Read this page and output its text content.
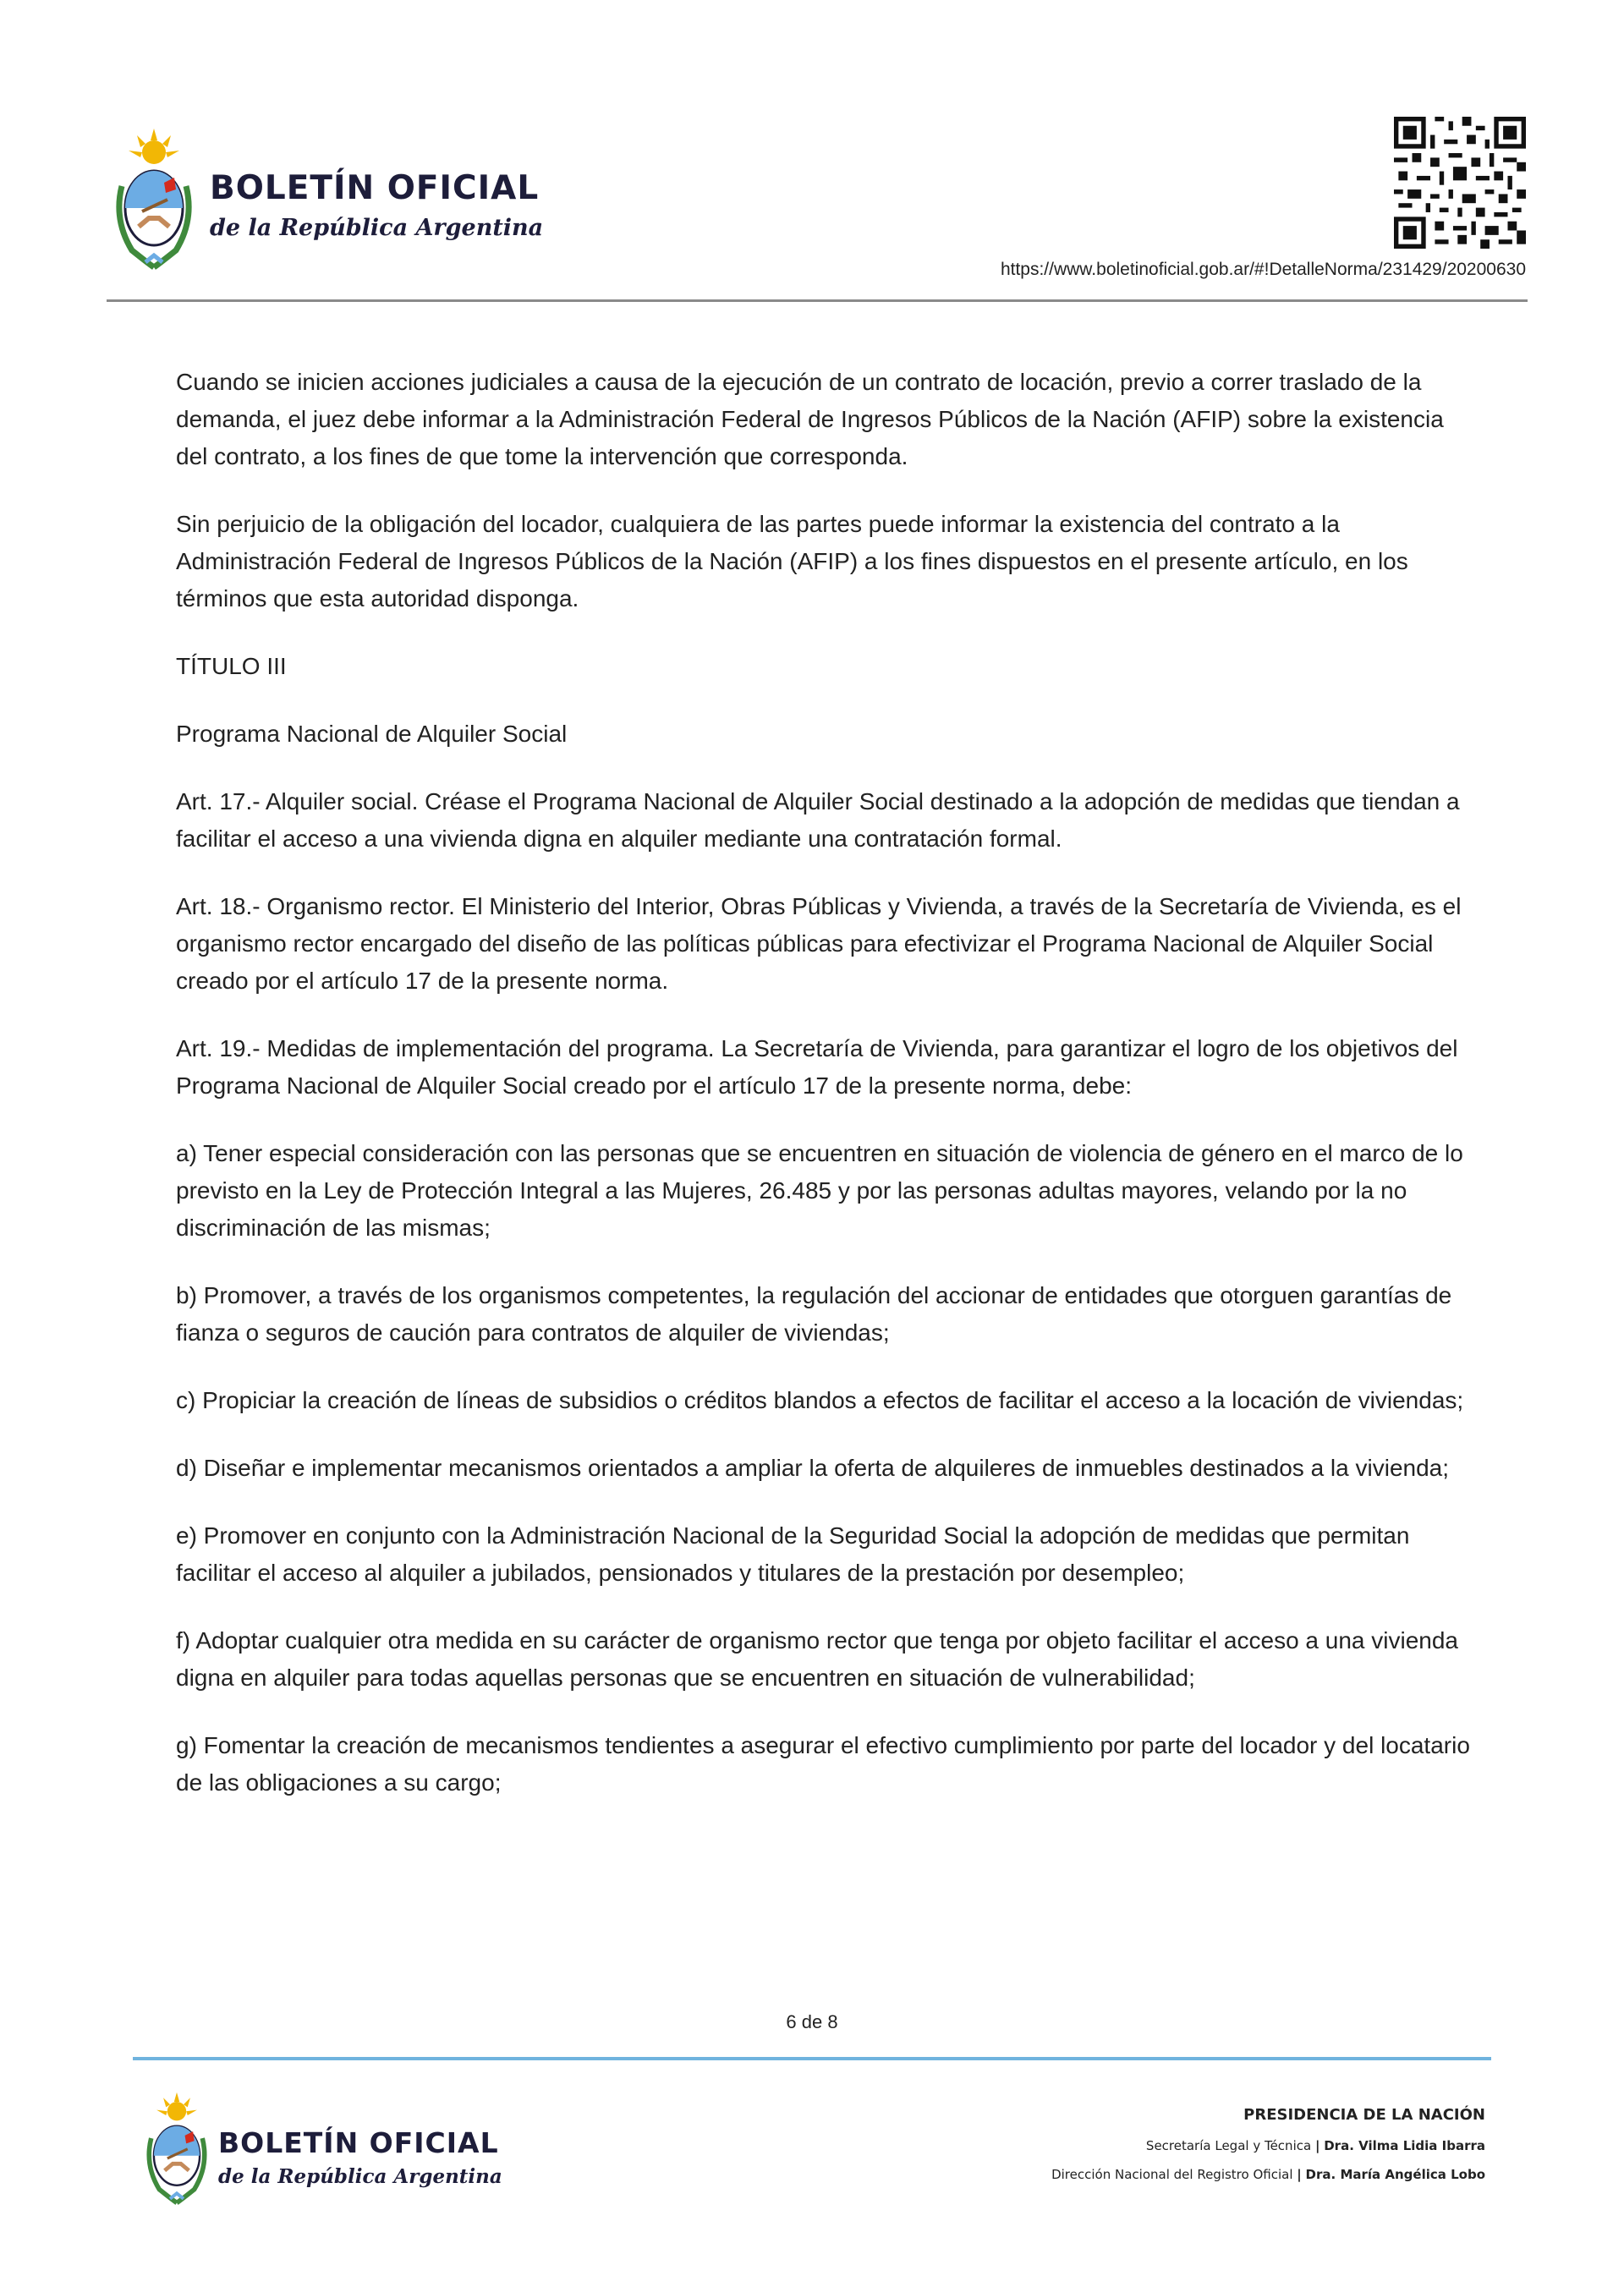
BOLETÍN OFICIAL

de la República Argentina

https://www.boletinoficial.gob.ar/#!DetalleNorma/231429/20200630

Cuando se inicien acciones judiciales a causa de la ejecución de un contrato de locación, previo a correr traslado de la demanda, el juez debe informar a la Administración Federal de Ingresos Públicos de la Nación (AFIP) sobre la existencia del contrato, a los fines de que tome la intervención que corresponda.

Sin perjuicio de la obligación del locador, cualquiera de las partes puede informar la existencia del contrato a la Administración Federal de Ingresos Públicos de la Nación (AFIP) a los fines dispuestos en el presente artículo, en los términos que esta autoridad disponga.

TÍTULO III

Programa Nacional de Alquiler Social

Art. 17.- Alquiler social. Créase el Programa Nacional de Alquiler Social destinado a la adopción de medidas que tiendan a facilitar el acceso a una vivienda digna en alquiler mediante una contratación formal.

Art. 18.- Organismo rector. El Ministerio del Interior, Obras Públicas y Vivienda, a través de la Secretaría de Vivienda, es el organismo rector encargado del diseño de las políticas públicas para efectivizar el Programa Nacional de Alquiler Social creado por el artículo 17 de la presente norma.

Art. 19.- Medidas de implementación del programa. La Secretaría de Vivienda, para garantizar el logro de los objetivos del Programa Nacional de Alquiler Social creado por el artículo 17 de la presente norma, debe:

a) Tener especial consideración con las personas que se encuentren en situación de violencia de género en el marco de lo previsto en la Ley de Protección Integral a las Mujeres, 26.485 y por las personas adultas mayores, velando por la no discriminación de las mismas;

b) Promover, a través de los organismos competentes, la regulación del accionar de entidades que otorguen garantías de fianza o seguros de caución para contratos de alquiler de viviendas;

c) Propiciar la creación de líneas de subsidios o créditos blandos a efectos de facilitar el acceso a la locación de viviendas;

d) Diseñar e implementar mecanismos orientados a ampliar la oferta de alquileres de inmuebles destinados a la vivienda;

e) Promover en conjunto con la Administración Nacional de la Seguridad Social la adopción de medidas que permitan facilitar el acceso al alquiler a jubilados, pensionados y titulares de la prestación por desempleo;

f) Adoptar cualquier otra medida en su carácter de organismo rector que tenga por objeto facilitar el acceso a una vivienda digna en alquiler para todas aquellas personas que se encuentren en situación de vulnerabilidad;

g) Fomentar la creación de mecanismos tendientes a asegurar el efectivo cumplimiento por parte del locador y del locatario de las obligaciones a su cargo;

6 de 8

BOLETÍN OFICIAL

de la República Argentina

PRESIDENCIA DE LA NACIÓN

Secretaría Legal y Técnica | Dra. Vilma Lidia Ibarra

Dirección Nacional del Registro Oficial | Dra. María Angélica Lobo
